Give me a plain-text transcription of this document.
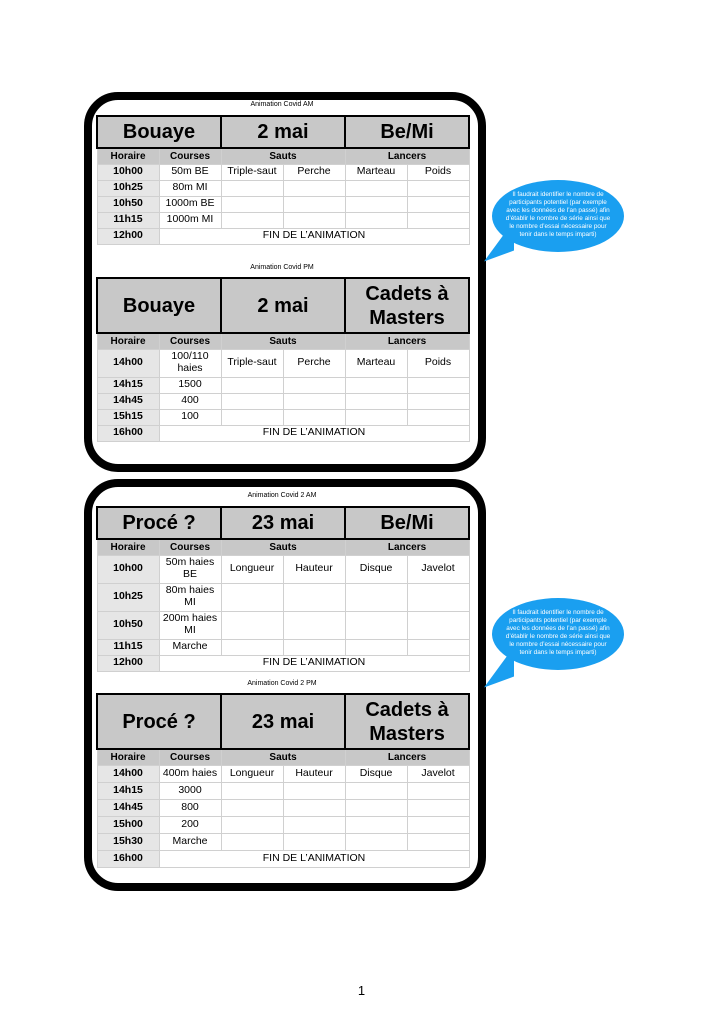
Animation Covid AM
Bouaye		2 mai		Be/Mi	
Horaire	Courses	Sauts		Lancers	
10h00	50m BE	Triple-saut	Perche	Marteau	Poids
10h25	80m MI				
10h50	1000m BE				
11h15	1000m MI				
12h00	FIN DE L’ANIMATION				
Animation Covid PM
Bouaye		2 mai		Cadets à Masters	
Horaire	Courses	Sauts		Lancers	
14h00	100/110 haies	Triple-saut	Perche	Marteau	Poids
14h15	1500				
14h45	400				
15h15	100				
16h00	FIN DE L’ANIMATION				
Animation Covid 2 AM
Procé ?		23 mai		Be/Mi	
Horaire	Courses	Sauts		Lancers	
10h00	50m haies BE	Longueur	Hauteur	Disque	Javelot
10h25	80m haies MI				
10h50	200m haies MI				
11h15	Marche				
12h00	FIN DE L’ANIMATION				
Animation Covid 2 PM
Procé ?		23 mai		Cadets à Masters	
Horaire	Courses	Sauts		Lancers	
14h00	400m haies	Longueur	Hauteur	Disque	Javelot
14h15	3000				
14h45	800				
15h00	200				
15h30	Marche				
16h00	FIN DE L’ANIMATION				
Il faudrait identifier le nombre de participants potentiel (par exemple avec les données de l’an passé) afin d’établir le nombre de série ainsi que le nombre d’essai nécessaire pour tenir dans le temps imparti)
Il faudrait identifier le nombre de participants potentiel (par exemple avec les données de l’an passé) afin d’établir le nombre de série ainsi que le nombre d’essai nécessaire pour tenir dans le temps imparti)
1
